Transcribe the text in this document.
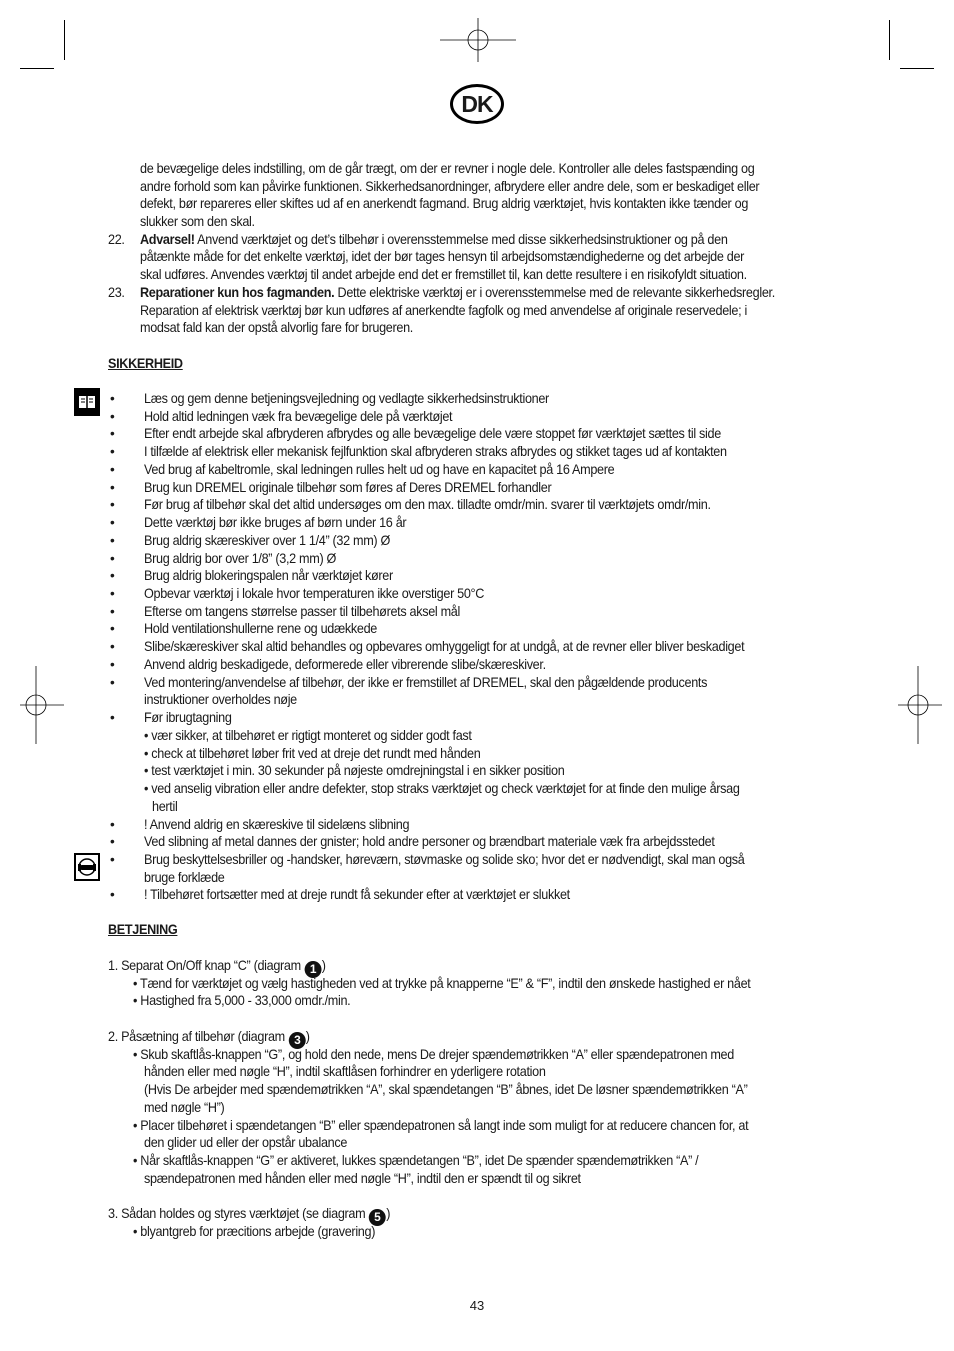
DK
de bevægelige deles indstilling, om de går trægt, om der er revner i nogle dele. Kontroller alle deles fastspænding og
andre forhold som kan påvirke funktionen. Sikkerhedsanordninger, afbrydere eller andre dele, som er beskadiget eller
defekt, bør repareres eller skiftes ud af en anerkendt fagmand. Brug aldrig værktøjet, hvis kontakten ikke tænder og
slukker som den skal.
22. Advarsel! Anvend værktøjet og det’s tilbehør i overensstemmelse med disse sikkerhedsinstruktioner og på den
påtænkte måde for det enkelte værktøj, idet der bør tages hensyn til arbejdsomstændighederne og det arbejde der
skal udføres. Anvendes værktøj til andet arbejde end det er fremstillet til, kan dette resultere i en risikofyldt situation.
23. Reparationer kun hos fagmanden. Dette elektriske værktøj er i overensstemmelse med de relevante sikkerhedsregler.
Reparation af elektrisk værktøj bør kun udføres af anerkendte fagfolk og med anvendelse af originale reservedele; i
modsat fald kan der opstå alvorlig fare for brugeren.
SIKKERHEID
• Læs og gem denne betjeningsvejledning og vedlagte sikkerhedsinstruktioner
• Hold altid ledningen væk fra bevægelige dele på værktøjet
• Efter endt arbejde skal afbryderen afbrydes og alle bevægelige dele være stoppet før værktøjet sættes til side
• I tilfælde af elektrisk eller mekanisk fejlfunktion skal afbryderen straks afbrydes og stikket tages ud af kontakten
• Ved brug af kabeltromle, skal ledningen rulles helt ud og have en kapacitet på 16 Ampere
• Brug kun DREMEL originale tilbehør som føres af Deres DREMEL forhandler
• Før brug af tilbehør skal det altid undersøges om den max. tilladte omdr/min. svarer til værktøjets omdr/min.
• Dette værktøj bør ikke bruges af børn under 16 år
• Brug aldrig skæreskiver over 1 1/4” (32 mm) Ø
• Brug aldrig bor over 1/8” (3,2 mm) Ø
• Brug aldrig blokeringspalen når værktøjet kører
• Opbevar værktøj i lokale hvor temperaturen ikke overstiger 50°C
• Efterse om tangens størrelse passer til tilbehørets aksel mål
• Hold ventilationshullerne rene og udækkede
• Slibe/skæreskiver skal altid behandles og opbevares omhyggeligt for at undgå, at de revner eller bliver beskadiget
• Anvend aldrig beskadigede, deformerede eller vibrerende slibe/skæreskiver.
• Ved montering/anvendelse af tilbehør, der ikke er fremstillet af DREMEL, skal den pågældende producents
instruktioner overholdes nøje
• Før ibrugtagning
• vær sikker, at tilbehøret er rigtigt monteret og sidder godt fast
• check at tilbehøret løber frit ved at dreje det rundt med hånden
• test værktøjet i min. 30 sekunder på nøjeste omdrejningstal i en sikker position
• ved anselig vibration eller andre defekter, stop straks værktøjet og check værktøjet for at finde den mulige årsag
hertil
• ! Anvend aldrig en skæreskive til sidelæns slibning
• Ved slibning af metal dannes der gnister; hold andre personer og brændbart materiale væk fra arbejdsstedet
• Brug beskyttelsesbriller og -handsker, høreværn, støvmaske og solide sko; hvor det er nødvendigt, skal man også
bruge forklæde
• ! Tilbehøret fortsætter med at dreje rundt få sekunder efter at værktøjet er slukket
BETJENING
1. Separat On/Off knap “C” (diagram 1 )
• Tænd for værktøjet og vælg hastigheden ved at trykke på knapperne “E” & “F”, indtil den ønskede hastighed er nået
• Hastighed fra 5,000 - 33,000 omdr./min.
2. Påsætning af tilbehør (diagram 3 )
• Skub skaftlås-knappen “G”, og hold den nede, mens De drejer spændemøtrikken “A” eller spændepatronen med
hånden eller med nøgle “H”, indtil skaftlåsen forhindrer en yderligere rotation
(Hvis De arbejder med spændemøtrikken “A”, skal spændetangen “B” åbnes, idet De løsner spændemøtrikken “A”
med nøgle “H”)
• Placer tilbehøret i spændetangen “B” eller spændepatronen så langt inde som muligt for at reducere chancen for, at
den glider ud eller der opstår ubalance
• Når skaftlås-knappen “G” er aktiveret, lukkes spændetangen “B”, idet De spænder spændemøtrikken “A” /
spændepatronen med hånden eller med nøgle “H”, indtil den er spændt til og sikret
3. Sådan holdes og styres værktøjet (se diagram 5 )
• blyantgreb for præcitions arbejde (gravering)
43
